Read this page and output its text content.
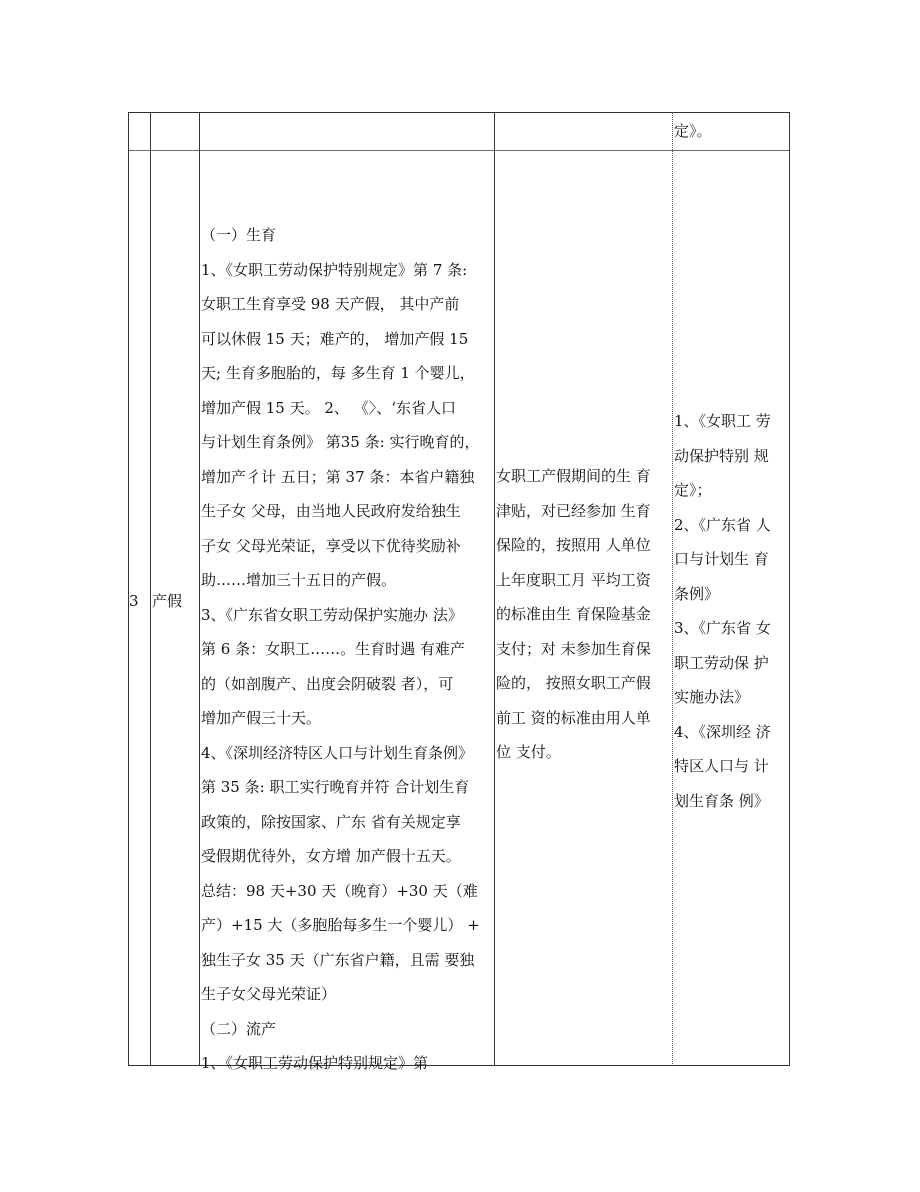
定》。
3 产假
（一）生育
1、《女职工劳动保护特别规定》第 7 条:
女职工生育享受 98 天产假， 其中产前
可以休假 15 天；难产的， 增加产假 15
天; 生育多胞胎的，每 多生育 1 个婴儿，
增加产假 15 天。 2、 《〉、‘东省人口
与计划生育条例》 第35 条: 实行晚育的，
增加产彳计 五日；第 37 条：本省户籍独
生子女 父母，由当地人民政府发给独生
子女 父母光荣证，享受以下优待奖励补
助……增加三十五日的产假。
3、《广东省女职工劳动保护实施办 法》
第 6 条：女职工……。生育时遇 有难产
的（如剖腹产、出度会阴破裂 者），可
增加产假三十天。
4、《深圳经济特区人口与计划生育条例》
第 35 条: 职工实行晚育并符 合计划生育
政策的，除按国家、广东 省有关规定享
受假期优待外，女方增 加产假十五天。
总结：98 天+30 天（晚育）+30 天（难
产）+15 大（多胞胎每多生一个婴儿） +
独生子女 35 天（广东省户籍，且需 要独
生子女父母光荣证）
（二）流产
1、《女职工劳动保护特别规定》第
女职工产假期间的生 育
津贴，对已经参加 生育
保险的，按照用 人单位
上年度职工月 平均工资
的标准由生 育保险基金
支付；对 未参加生育保
险的， 按照女职工产假
前工 资的标准由用人单
位 支付。
1、《女职工 劳
动保护特别 规
定》；
2、《广东省 人
口与计划生 育
条例》
3、《广东省 女
职工劳动保 护
实施办法》
4、《深圳经 济
特区人口与 计
划生育条 例》
